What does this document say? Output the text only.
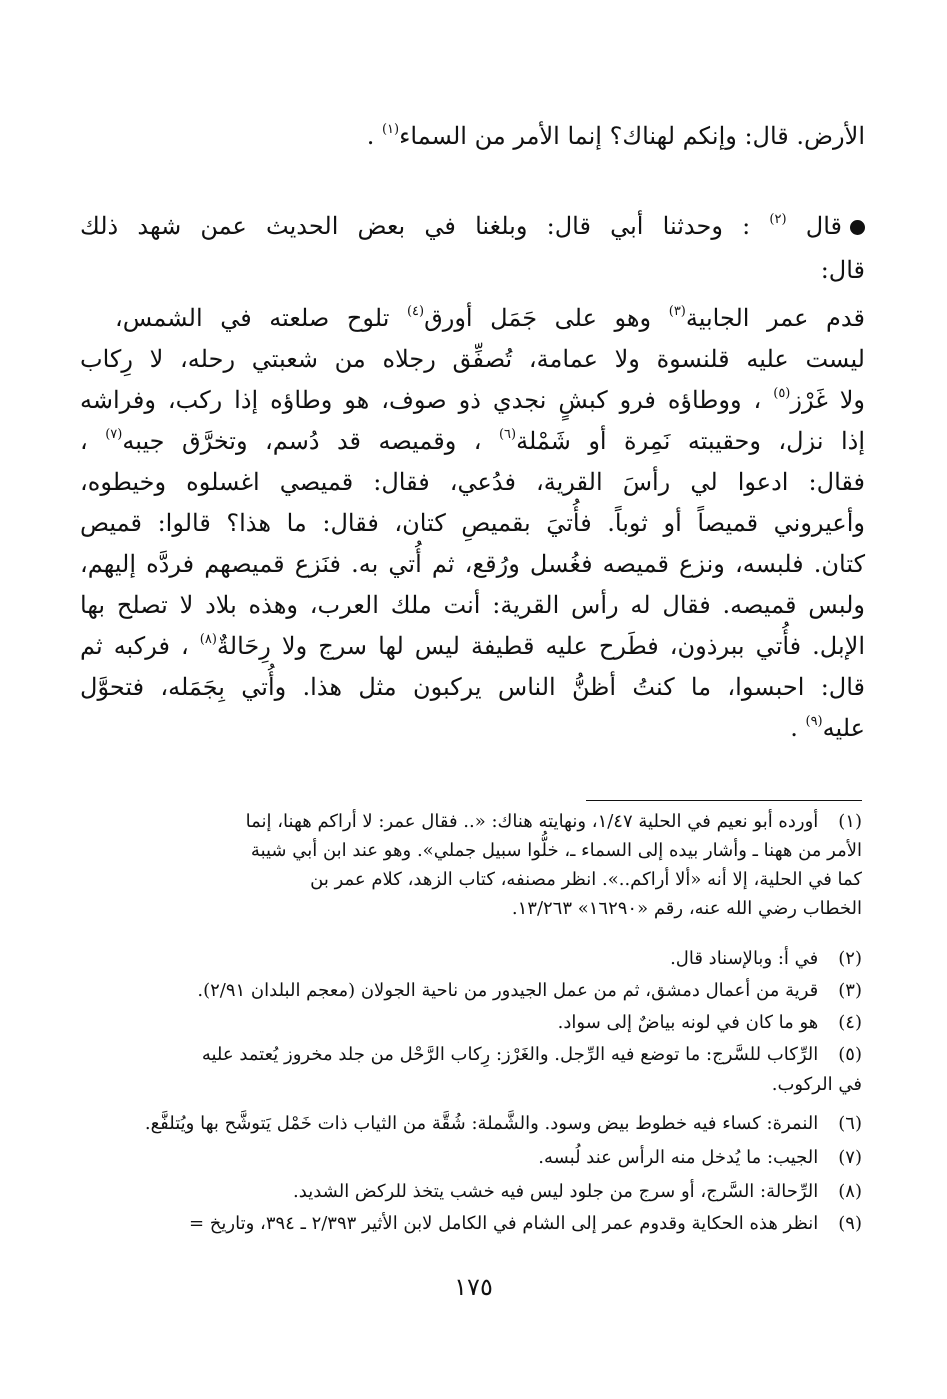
الأرض. قال: وإنكم لهناك؟ إنما الأمر من السماء$^{(١)}$ .
قال $^{(٢)}$ : وحدثنا أبي قال: وبلغنا في بعض الحديث عمن شهد ذلك
قال:
قدم عمر الجابية$^{(٣)}$ وهو على جَمَل أورق$^{(٤)}$ تلوح صلعته في الشمس،
ليست عليه قلنسوة ولا عمامة، تُصفِّق رجلاه من شعبتي رحله، لا رِكاب
ولا غَرْز$^{(٥)}$ ، ووطاؤه فرو كبشٍ نجدي ذو صوف، هو وطاؤه إذا ركب، وفراشه
إذا نزل، وحقيبته نَمِرة أو شَمْلة$^{(٦)}$ ، وقميصه قد دُسم، وتخرَّق جيبه$^{(٧)}$ ،
فقال: ادعوا لي رأسَ القرية، فدُعي، فقال: قميصي اغسلوه وخيطوه،
وأعيروني قميصاً أو ثوباً. فأُتيَ بقميصِ كتان، فقال: ما هذا؟ قالوا: قميص
كتان. فلبسه، ونزع قميصه فغُسل ورُقع، ثم أُتي به. فنَزع قميصهم فردَّه إليهم،
ولبس قميصه. فقال له رأس القرية: أنت ملك العرب، وهذه بلاد لا تصلح بها
الإبل. فأُتي ببرذون، فطَرح عليه قطيفة ليس لها سرج ولا رِحَالةٌ$^{(٨)}$ ، فركبه ثم
قال: احبسوا، ما كنتُ أظنُّ الناس يركبون مثل هذا. وأُتي بِجَمَله، فتحوَّل
عليه$^{(٩)}$ .
(١) أورده أبو نعيم في الحلية ١/٤٧، ونهايته هناك: «.. فقال عمر: لا أراكم ههنا، إنما
الأمر من ههنا ـ وأشار بيده إلى السماء ـ، خلُّوا سبيل جملي». وهو عند ابن أبي شيبة
كما في الحلية، إلا أنه «ألا أراكم..». انظر مصنفه، كتاب الزهد، كلام عمر بن
الخطاب رضي الله عنه، رقم «١٦٢٩٠» ١٣/٢٦٣.
(٢) في أ: وبالإسناد قال.
(٣) قرية من أعمال دمشق، ثم من عمل الجيدور من ناحية الجولان (معجم البلدان ٢/٩١).
(٤) هو ما كان في لونه بياضٌ إلى سواد.
(٥) الرِّكاب للسَّرج: ما توضع فيه الرِّجل. والغَرْز: رِكاب الرَّحْل من جلد مخروز يُعتمد عليه
في الركوب.
(٦) النمرة: كساء فيه خطوط بيض وسود. والشَّملة: شُقَّة من الثياب ذات خَمْل يَتوشَّح بها ويُتلفَّع.
(٧) الجيب: ما يُدخل منه الرأس عند لُبسه.
(٨) الرِّحالة: السَّرج، أو سرج من جلود ليس فيه خشب يتخذ للركض الشديد.
(٩) انظر هذه الحكاية وقدوم عمر إلى الشام في الكامل لابن الأثير ٢/٣٩٣ ـ ٣٩٤، وتاريخ =
١٧٥
